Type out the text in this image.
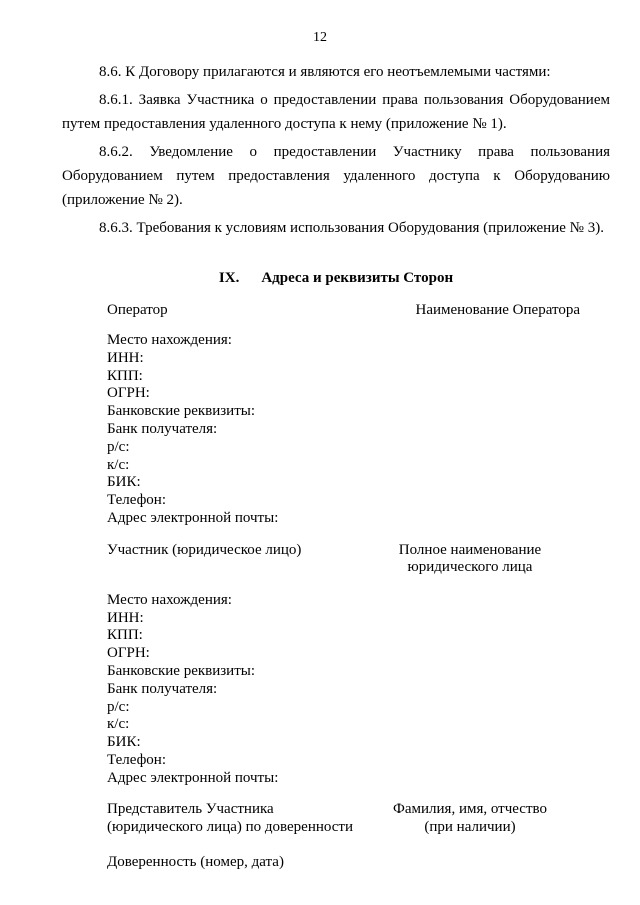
12

8.6. К Договору прилагаются и являются его неотъемлемыми частями:

8.6.1. Заявка Участника о предоставлении права пользования Оборудованием путем предоставления удаленного доступа к нему (приложение № 1).

8.6.2. Уведомление о предоставлении Участнику права пользования Оборудованием путем предоставления удаленного доступа к Оборудованию (приложение № 2).

8.6.3. Требования к условиям использования Оборудования (приложение № 3).

IX. Адреса и реквизиты Сторон
Оператор	Наименование Оператора
Место нахождения:
ИНН:
КПП:
ОГРН:
Банковские реквизиты:
Банк получателя:
р/с:
к/с:
БИК:
Телефон:
Адрес электронной почты:
Участник (юридическое лицо)	Полное наименование
юридического лица
Место нахождения:
ИНН:
КПП:
ОГРН:
Банковские реквизиты:
Банк получателя:
р/с:
к/с:
БИК:
Телефон:
Адрес электронной почты:
Представитель Участника
(юридического лица) по доверенности
Фамилия, имя, отчество
(при наличии)
Доверенность (номер, дата)
